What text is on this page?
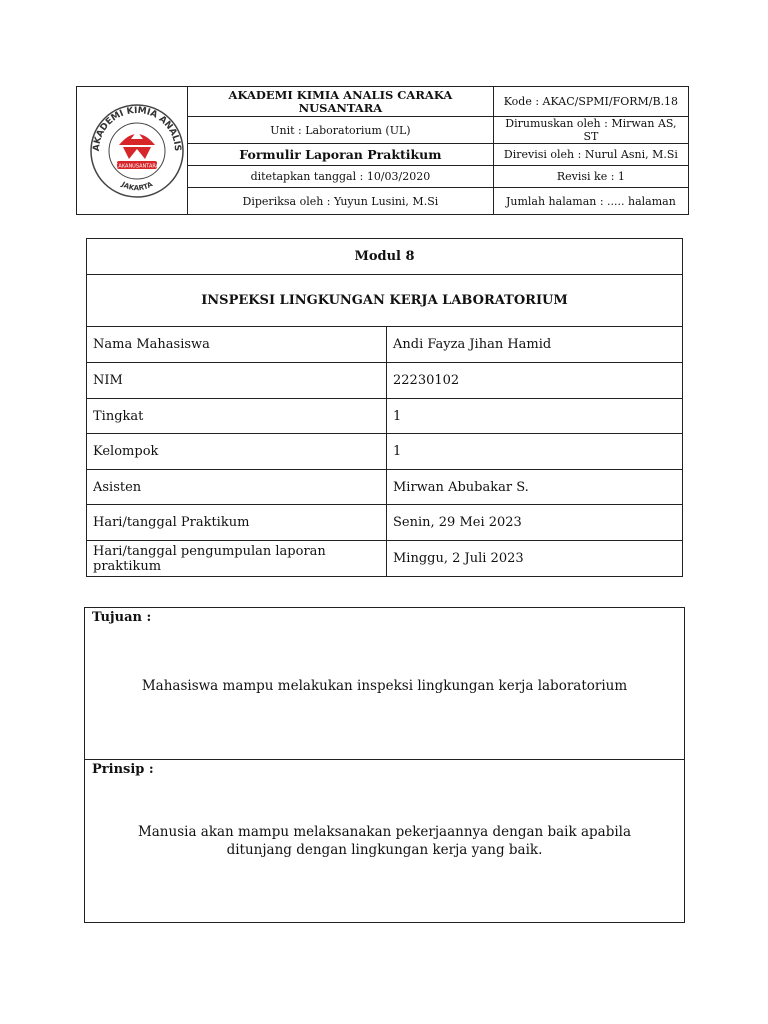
AKADEMI KIMIA ANALIS
JAKARTA
CAKANUSANTARA	AKADEMI KIMIA ANALIS CARAKA NUSANTARA	Kode : AKAC/SPMI/FORM/B.18
	Unit : Laboratorium (UL)	Dirumuskan oleh : Mirwan AS, ST
	Formulir Laporan Praktikum	Direvisi oleh : Nurul Asni, M.Si
	ditetapkan tanggal : 10/03/2020	Revisi ke : 1
	Diperiksa oleh : Yuyun Lusini, M.Si	Jumlah halaman : ..... halaman
Modul 8	
INSPEKSI LINGKUNGAN KERJA LABORATORIUM	
Nama Mahasiswa	Andi Fayza Jihan Hamid
NIM	22230102
Tingkat	1
Kelompok	1
Asisten	Mirwan Abubakar S.
Hari/tanggal Praktikum	Senin, 29 Mei 2023
Hari/tanggal pengumpulan laporan praktikum	Minggu, 2 Juli 2023
Tujuan :
Mahasiswa mampu melakukan inspeksi lingkungan kerja laboratorium
Prinsip :
Manusia akan mampu melaksanakan pekerjaannya dengan baik apabila
ditunjang dengan lingkungan kerja yang baik.
